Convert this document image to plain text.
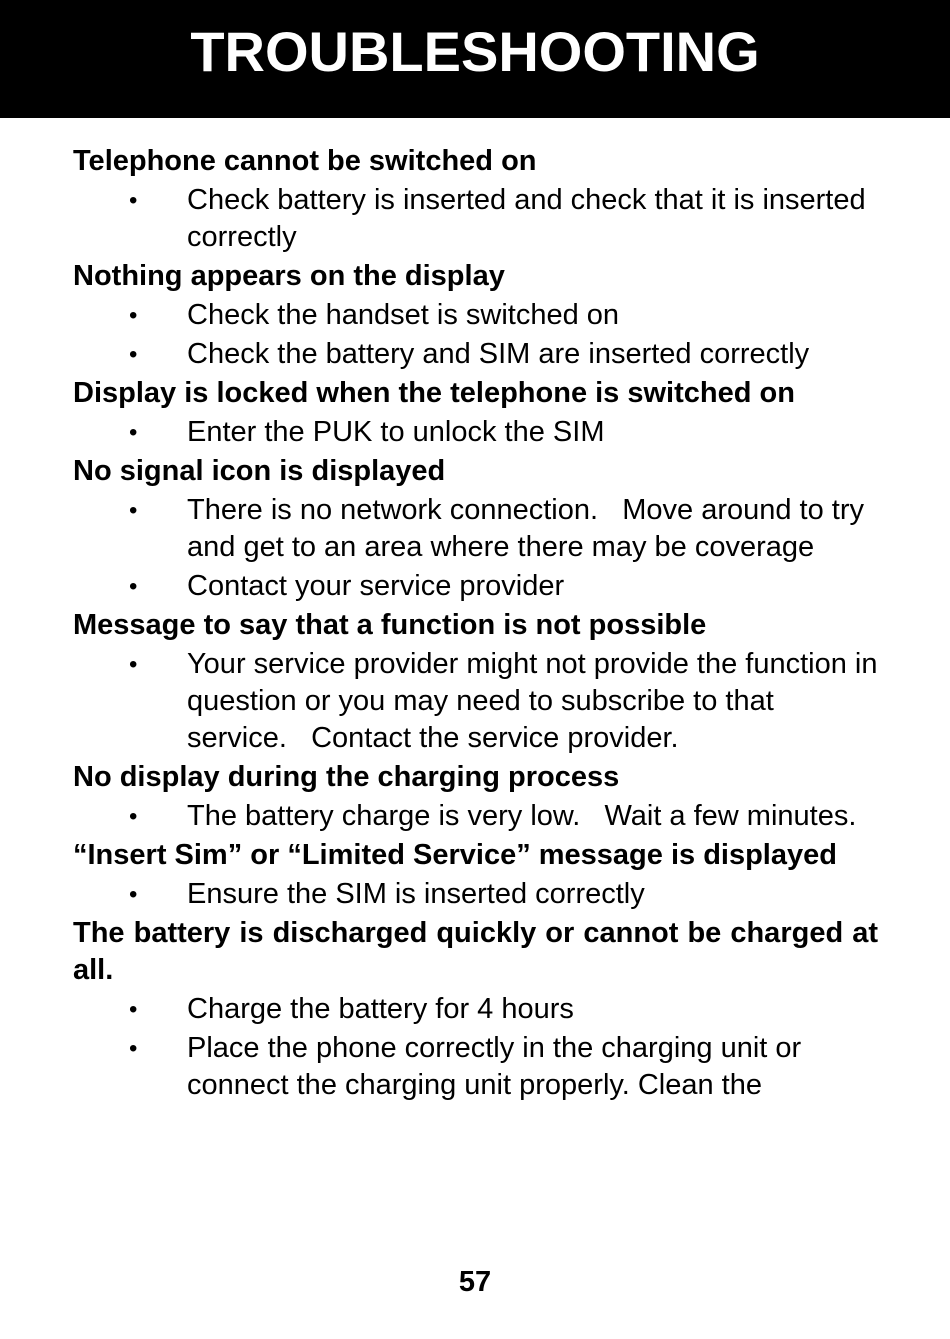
TROUBLESHOOTING

Telephone cannot be switched on

• Check battery is inserted and check that it is inserted correctly

Nothing appears on the display

• Check the handset is switched on
• Check the battery and SIM are inserted correctly

Display is locked when the telephone is switched on

• Enter the PUK to unlock the SIM

No signal icon is displayed

• There is no network connection.   Move around to try and get to an area where there may be coverage
• Contact your service provider

Message to say that a function is not possible

• Your service provider might not provide the function in question or you may need to subscribe to that service.   Contact the service provider.

No display during the charging process

• The battery charge is very low.   Wait a few minutes.

“Insert Sim” or “Limited Service” message is displayed

• Ensure the SIM is inserted correctly

The battery is discharged quickly or cannot be charged at all.

• Charge the battery for 4 hours
• Place the phone correctly in the charging unit or connect the charging unit properly. Clean the
57
